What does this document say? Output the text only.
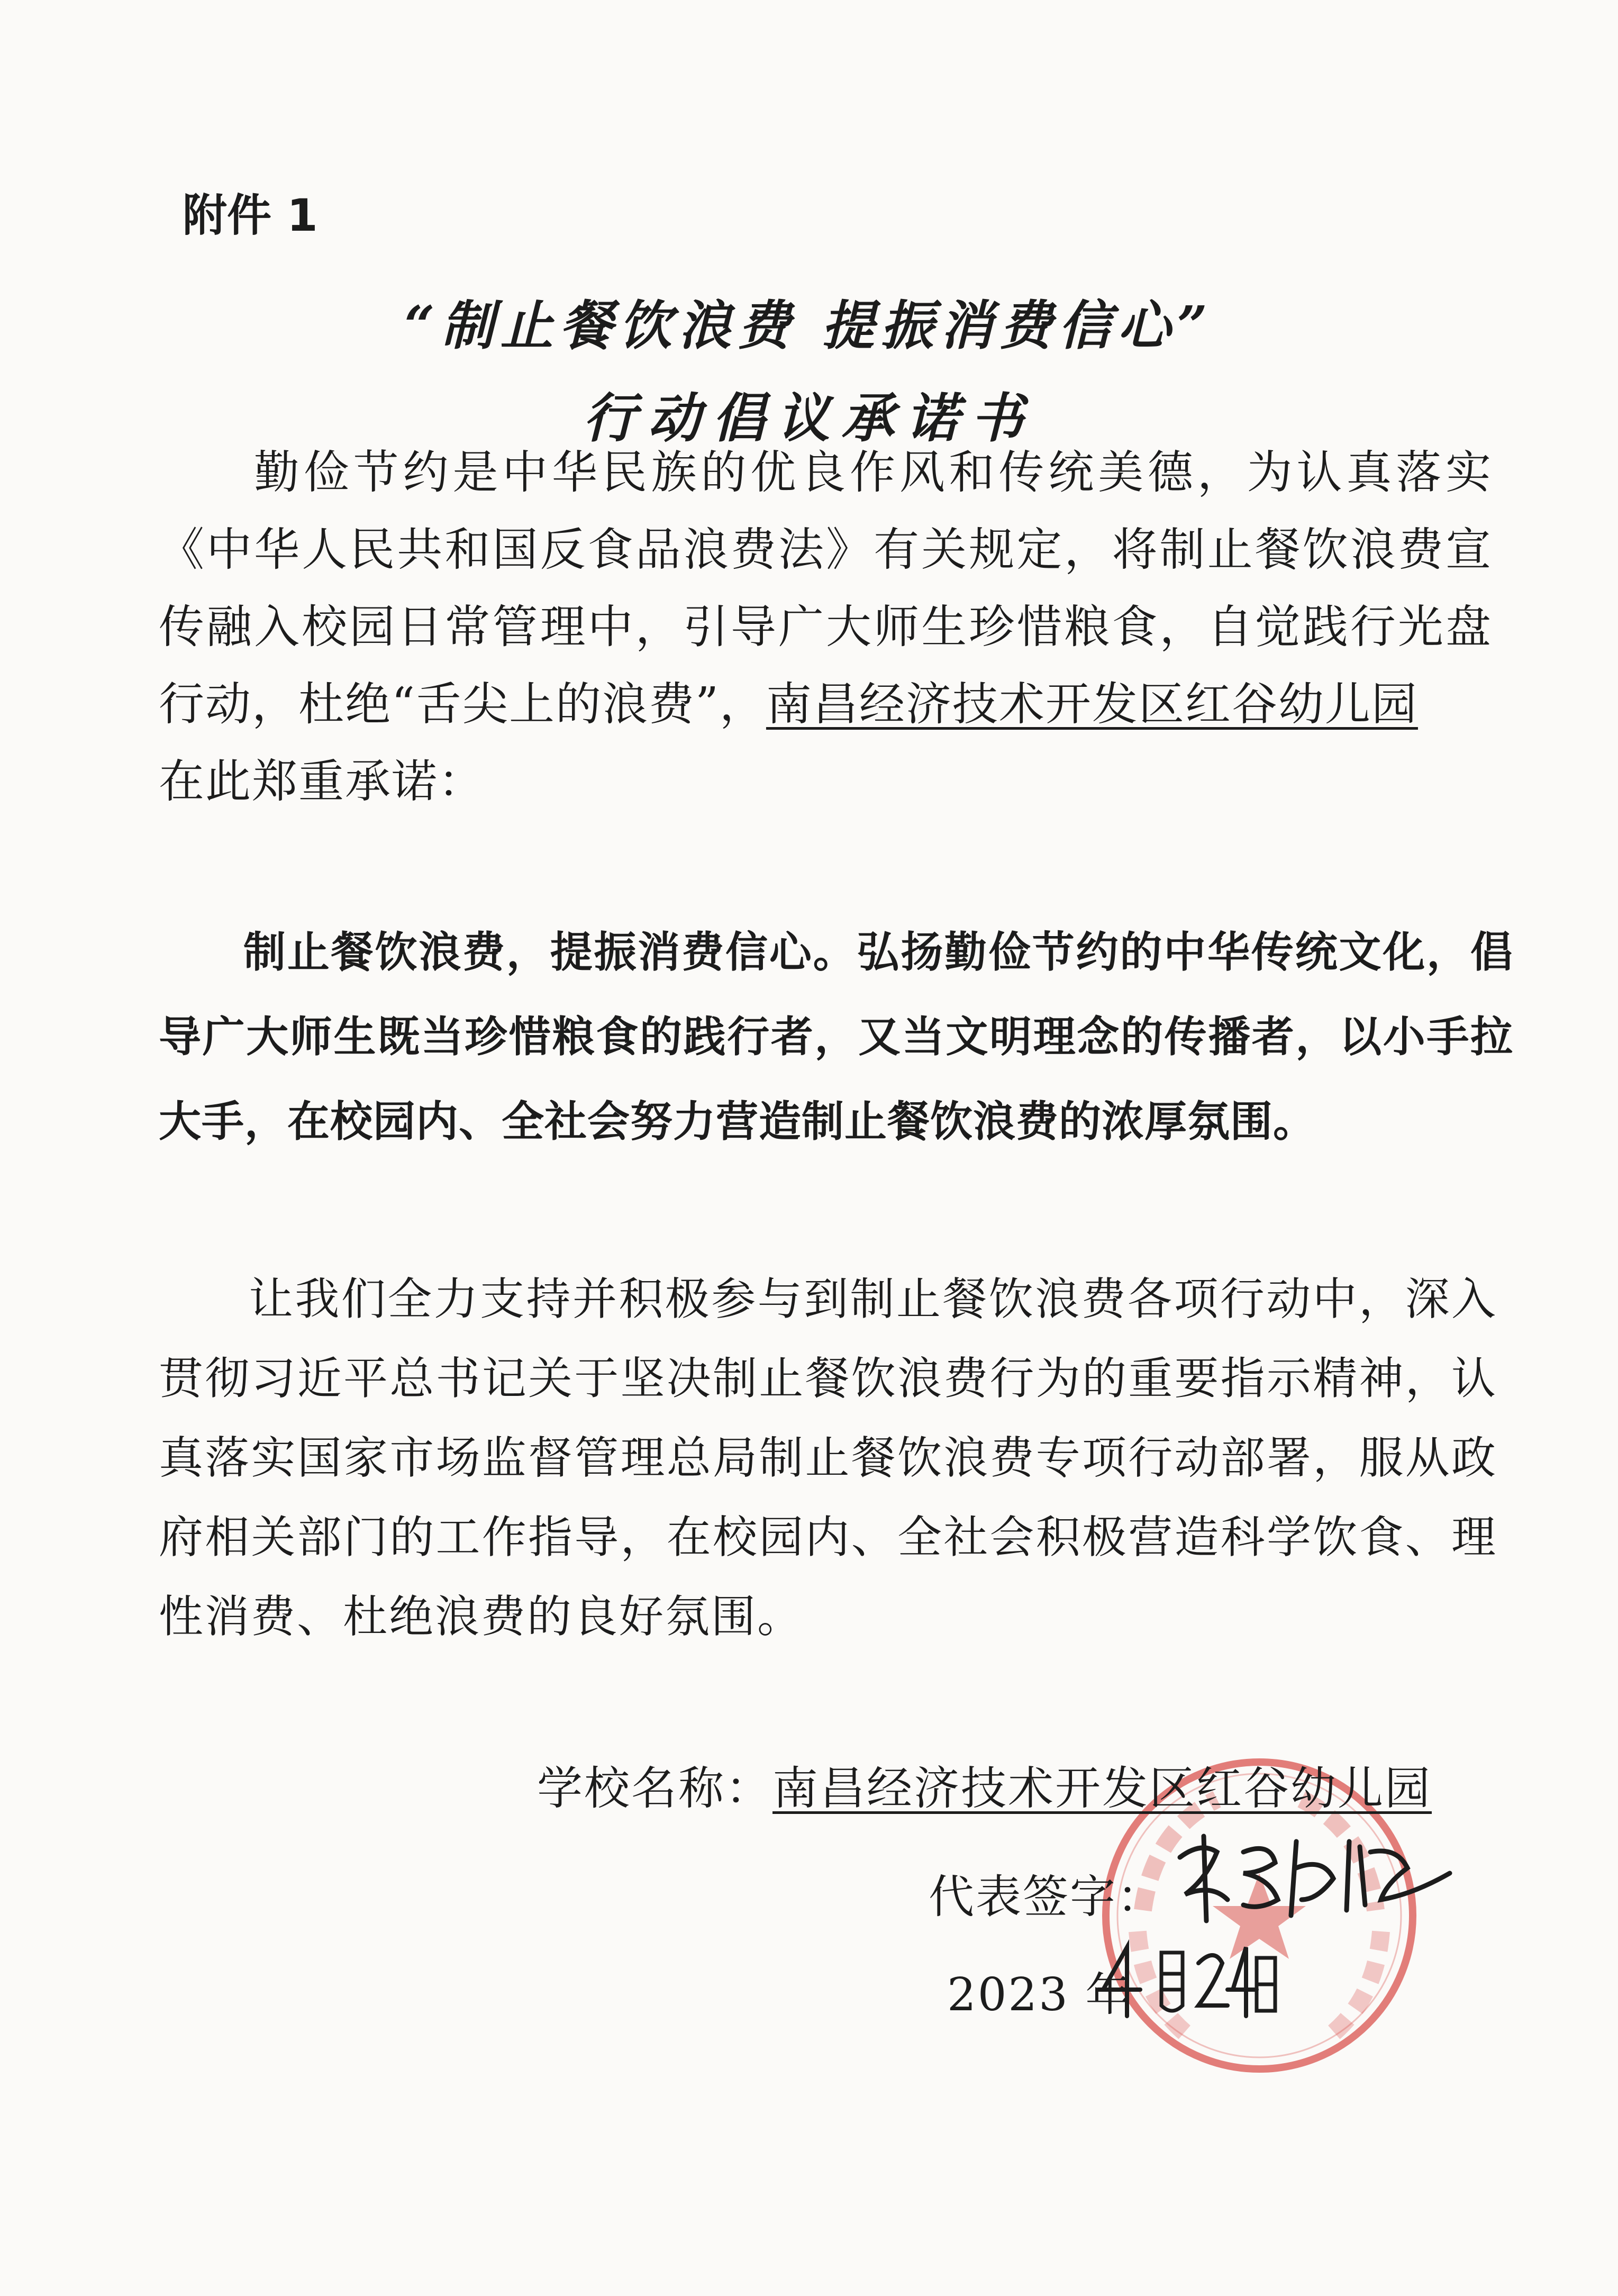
附件 1

“制止餐饮浪费 提振消费信心”
行动倡议承诺书

勤俭节约是中华民族的优良作风和传统美德，为认真落实《中华人民共和国反食品浪费法》有关规定，将制止餐饮浪费宣传融入校园日常管理中，引导广大师生珍惜粮食，自觉践行光盘行动，杜绝“舌尖上的浪费”，南昌经济技术开发区红谷幼儿园
在此郑重承诺：

制止餐饮浪费，提振消费信心。弘扬勤俭节约的中华传统文化，倡导广大师生既当珍惜粮食的践行者，又当文明理念的传播者，以小手拉大手，在校园内、全社会努力营造制止餐饮浪费的浓厚氛围。

让我们全力支持并积极参与到制止餐饮浪费各项行动中，深入贯彻习近平总书记关于坚决制止餐饮浪费行为的重要指示精神，认真落实国家市场监督管理总局制止餐饮浪费专项行动部署，服从政府相关部门的工作指导，在校园内、全社会积极营造科学饮食、理性消费、杜绝浪费的良好氛围。

学校名称：南昌经济技术开发区红谷幼儿园

代表签字：

2023 年
